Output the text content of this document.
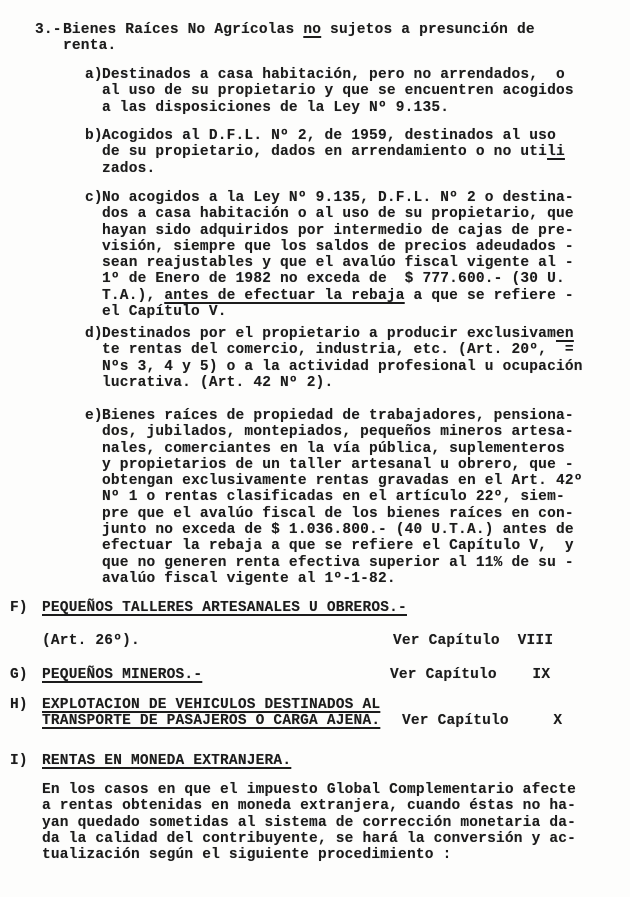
3.- Bienes Raíces No Agrícolas no sujetos a presunción de
renta.
a) Destinados a casa habitación, pero no arrendados,  o
al uso de su propietario y que se encuentren acogidos
a las disposiciones de la Ley Nº 9.135.
b) Acogidos al D.F.L. Nº 2, de 1959, destinados al uso
de su propietario, dados en arrendamiento o no utili
zados.
c) No acogidos a la Ley Nº 9.135, D.F.L. Nº 2 o destina-
dos a casa habitación o al uso de su propietario, que
hayan sido adquiridos por intermedio de cajas de pre-
visión, siempre que los saldos de precios adeudados -
sean reajustables y que el avalúo fiscal vigente al -
1º de Enero de 1982 no exceda de  $ 777.600.- (30 U.
T.A.), antes de efectuar la rebaja a que se refiere -
el Capítulo V.
d) Destinados por el propietario a producir exclusivamen
te rentas del comercio, industria, etc. (Art. 20º,  =
Nºs 3, 4 y 5) o a la actividad profesional u ocupación
lucrativa. (Art. 42 Nº 2).
e) Bienes raíces de propiedad de trabajadores, pensiona-
dos, jubilados, montepiados, pequeños mineros artesa-
nales, comerciantes en la vía pública, suplementeros
y propietarios de un taller artesanal u obrero, que -
obtengan exclusivamente rentas gravadas en el Art. 42º
Nº 1 o rentas clasificadas en el artículo 22º, siem-
pre que el avalúo fiscal de los bienes raíces en con-
junto no exceda de $ 1.036.800.- (40 U.T.A.) antes de
efectuar la rebaja a que se refiere el Capítulo V,  y
que no generen renta efectiva superior al 11% de su -
avalúo fiscal vigente al 1º-1-82.
F) PEQUEÑOS TALLERES ARTESANALES U OBREROS.-
(Art. 26º).	Ver Capítulo  VIII
G) PEQUEÑOS MINEROS.-	Ver Capítulo    IX
H) EXPLOTACION DE VEHICULOS DESTINADOS AL
TRANSPORTE DE PASAJEROS O CARGA AJENA. Ver Capítulo     X
I) RENTAS EN MONEDA EXTRANJERA.
En los casos en que el impuesto Global Complementario afecte
a rentas obtenidas en moneda extranjera, cuando éstas no ha-
yan quedado sometidas al sistema de corrección monetaria da-
da la calidad del contribuyente, se hará la conversión y ac-
tualización según el siguiente procedimiento :
